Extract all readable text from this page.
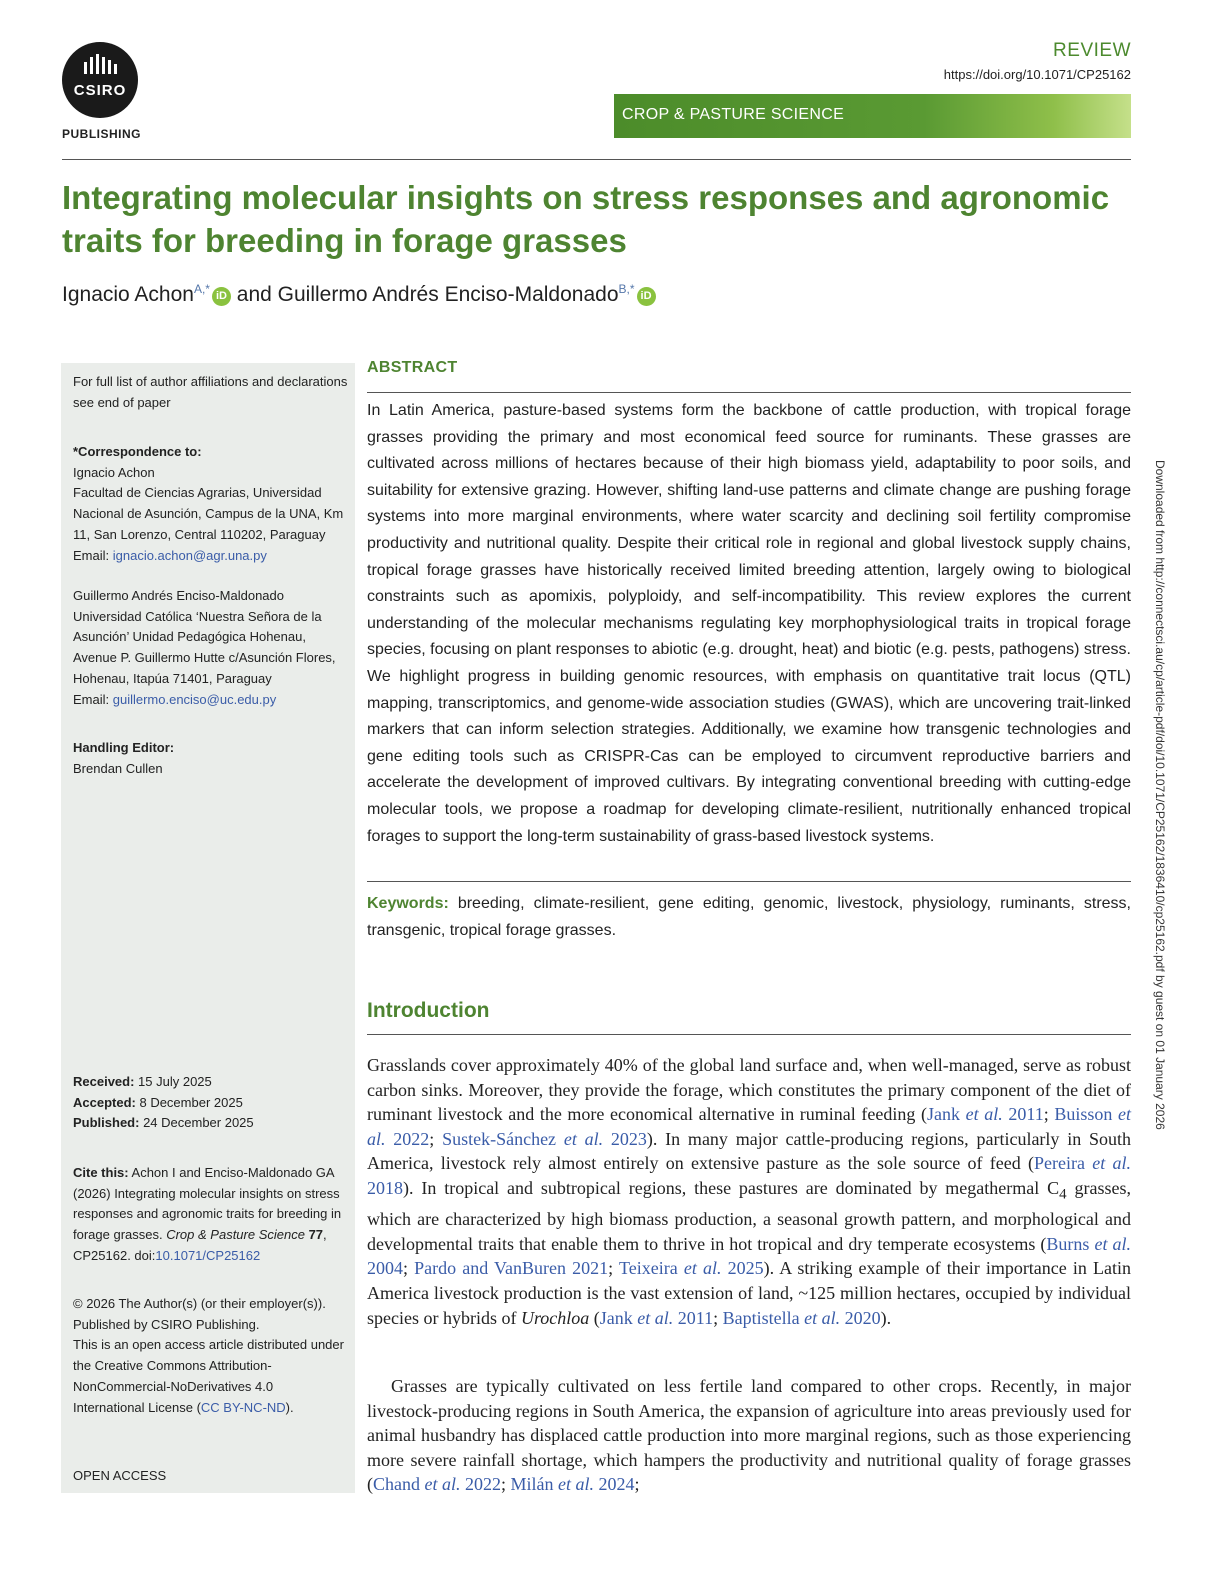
CSIRO
PUBLISHING
REVIEW
https://doi.org/10.1071/CP25162
CROP & PASTURE SCIENCE
Integrating molecular insights on stress responses and agronomic traits for breeding in forage grasses
Ignacio Achon$^{A,*}$ iD and Guillermo Andrés Enciso-Maldonado$^{B,*}$ iD

For full list of author affiliations and declarations see end of paper

*Correspondence to:
Ignacio Achon
Facultad de Ciencias Agrarias, Universidad Nacional de Asunción, Campus de la UNA, Km 11, San Lorenzo, Central 110202, Paraguay
Email: ignacio.achon@agr.una.py

Guillermo Andrés Enciso-Maldonado
Universidad Católica ‘Nuestra Señora de la Asunción’ Unidad Pedagógica Hohenau, Avenue P. Guillermo Hutte c/Asunción Flores, Hohenau, Itapúa 71401, Paraguay
Email: guillermo.enciso@uc.edu.py

Handling Editor:
Brendan Cullen

Received: 15 July 2025
Accepted: 8 December 2025
Published: 24 December 2025

Cite this: Achon I and Enciso-Maldonado GA (2026) Integrating molecular insights on stress responses and agronomic traits for breeding in forage grasses. Crop & Pasture Science 77, CP25162. doi:10.1071/CP25162

© 2026 The Author(s) (or their employer(s)). Published by CSIRO Publishing.
This is an open access article distributed under the Creative Commons Attribution-NonCommercial-NoDerivatives 4.0 International License (CC BY-NC-ND).

OPEN ACCESS

ABSTRACT

In Latin America, pasture-based systems form the backbone of cattle production, with tropical forage grasses providing the primary and most economical feed source for ruminants. These grasses are cultivated across millions of hectares because of their high biomass yield, adaptability to poor soils, and suitability for extensive grazing. However, shifting land-use patterns and climate change are pushing forage systems into more marginal environments, where water scarcity and declining soil fertility compromise productivity and nutritional quality. Despite their critical role in regional and global livestock supply chains, tropical forage grasses have historically received limited breeding attention, largely owing to biological constraints such as apomixis, polyploidy, and self-incompatibility. This review explores the current understanding of the molecular mechanisms regulating key morphophysiological traits in tropical forage species, focusing on plant responses to abiotic (e.g. drought, heat) and biotic (e.g. pests, pathogens) stress. We highlight progress in building genomic resources, with emphasis on quantitative trait locus (QTL) mapping, transcriptomics, and genome-wide association studies (GWAS), which are uncovering trait-linked markers that can inform selection strategies. Additionally, we examine how transgenic technologies and gene editing tools such as CRISPR-Cas can be employed to circumvent reproductive barriers and accelerate the development of improved cultivars. By integrating conventional breeding with cutting-edge molecular tools, we propose a roadmap for developing climate-resilient, nutritionally enhanced tropical forages to support the long-term sustainability of grass-based livestock systems.

Keywords: breeding, climate-resilient, gene editing, genomic, livestock, physiology, ruminants, stress, transgenic, tropical forage grasses.

Introduction

Grasslands cover approximately 40% of the global land surface and, when well-managed, serve as robust carbon sinks. Moreover, they provide the forage, which constitutes the primary component of the diet of ruminant livestock and the more economical alternative in ruminal feeding (Jank et al. 2011; Buisson et al. 2022; Sustek-Sánchez et al. 2023). In many major cattle-producing regions, particularly in South America, livestock rely almost entirely on extensive pasture as the sole source of feed (Pereira et al. 2018). In tropical and subtropical regions, these pastures are dominated by megathermal $C_4$ grasses, which are characterized by high biomass production, a seasonal growth pattern, and morphological and developmental traits that enable them to thrive in hot tropical and dry temperate ecosystems (Burns et al. 2004; Pardo and VanBuren 2021; Teixeira et al. 2025). A striking example of their importance in Latin America livestock production is the vast extension of land, ~125 million hectares, occupied by individual species or hybrids of Urochloa (Jank et al. 2011; Baptistella et al. 2020).

Grasses are typically cultivated on less fertile land compared to other crops. Recently, in major livestock-producing regions in South America, the expansion of agriculture into areas previously used for animal husbandry has displaced cattle production into more marginal regions, such as those experiencing more severe rainfall shortage, which hampers the productivity and nutritional quality of forage grasses (Chand et al. 2022; Milán et al. 2024;

Downloaded from http://connectsci.au/cp/article-pdf/doi/10.1071/CP25162/1836410/cp25162.pdf by guest on 01 January 2026
